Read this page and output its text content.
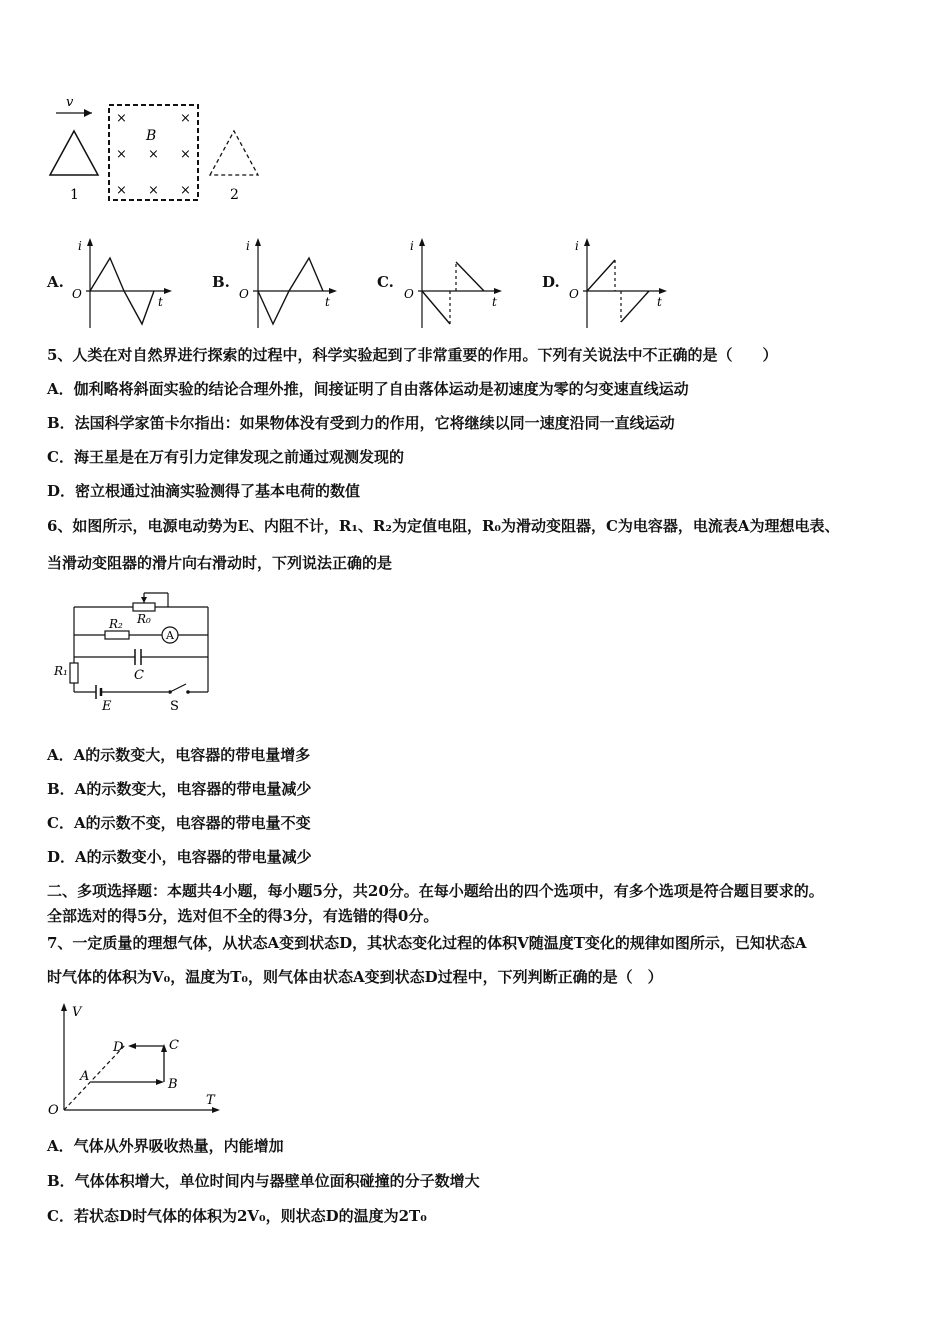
v
1
B
×	×
× × ×
× × ×	2
A.
i
O
t
B.
i
O
t
C.
i
O
t
D.
i
O
t
5、人类在对自然界进行探索的过程中，科学实验起到了非常重要的作用。下列有关说法中不正确的是（　　）
A．伽利略将斜面实验的结论合理外推，间接证明了自由落体运动是初速度为零的匀变速直线运动
B．法国科学家笛卡尔指出：如果物体没有受到力的作用，它将继续以同一速度沿同一直线运动
C．海王星是在万有引力定律发现之前通过观测发现的
D．密立根通过油滴实验测得了基本电荷的数值
6、如图所示，电源电动势为E、内阻不计，R₁、R₂为定值电阻，R₀为滑动变阻器，C为电容器，电流表A为理想电表、
当滑动变阻器的滑片向右滑动时，下列说法正确的是
R₀
R₂
A
C
R₁
E	S
A．A的示数变大，电容器的带电量增多
B．A的示数变大，电容器的带电量减少
C．A的示数不变，电容器的带电量不变
D．A的示数变小，电容器的带电量减少
二、多项选择题：本题共4小题，每小题5分，共20分。在每小题给出的四个选项中，有多个选项是符合题目要求的。
全部选对的得5分，选对但不全的得3分，有选错的得0分。
7、一定质量的理想气体，从状态A变到状态D，其状态变化过程的体积V随温度T变化的规律如图所示，已知状态A
时气体的体积为V₀，温度为T₀，则气体由状态A变到状态D过程中，下列判断正确的是（　）
V
T
O
A
B
C
D
A．气体从外界吸收热量，内能增加
B．气体体积增大，单位时间内与器壁单位面积碰撞的分子数增大
C．若状态D时气体的体积为2V₀，则状态D的温度为2T₀
